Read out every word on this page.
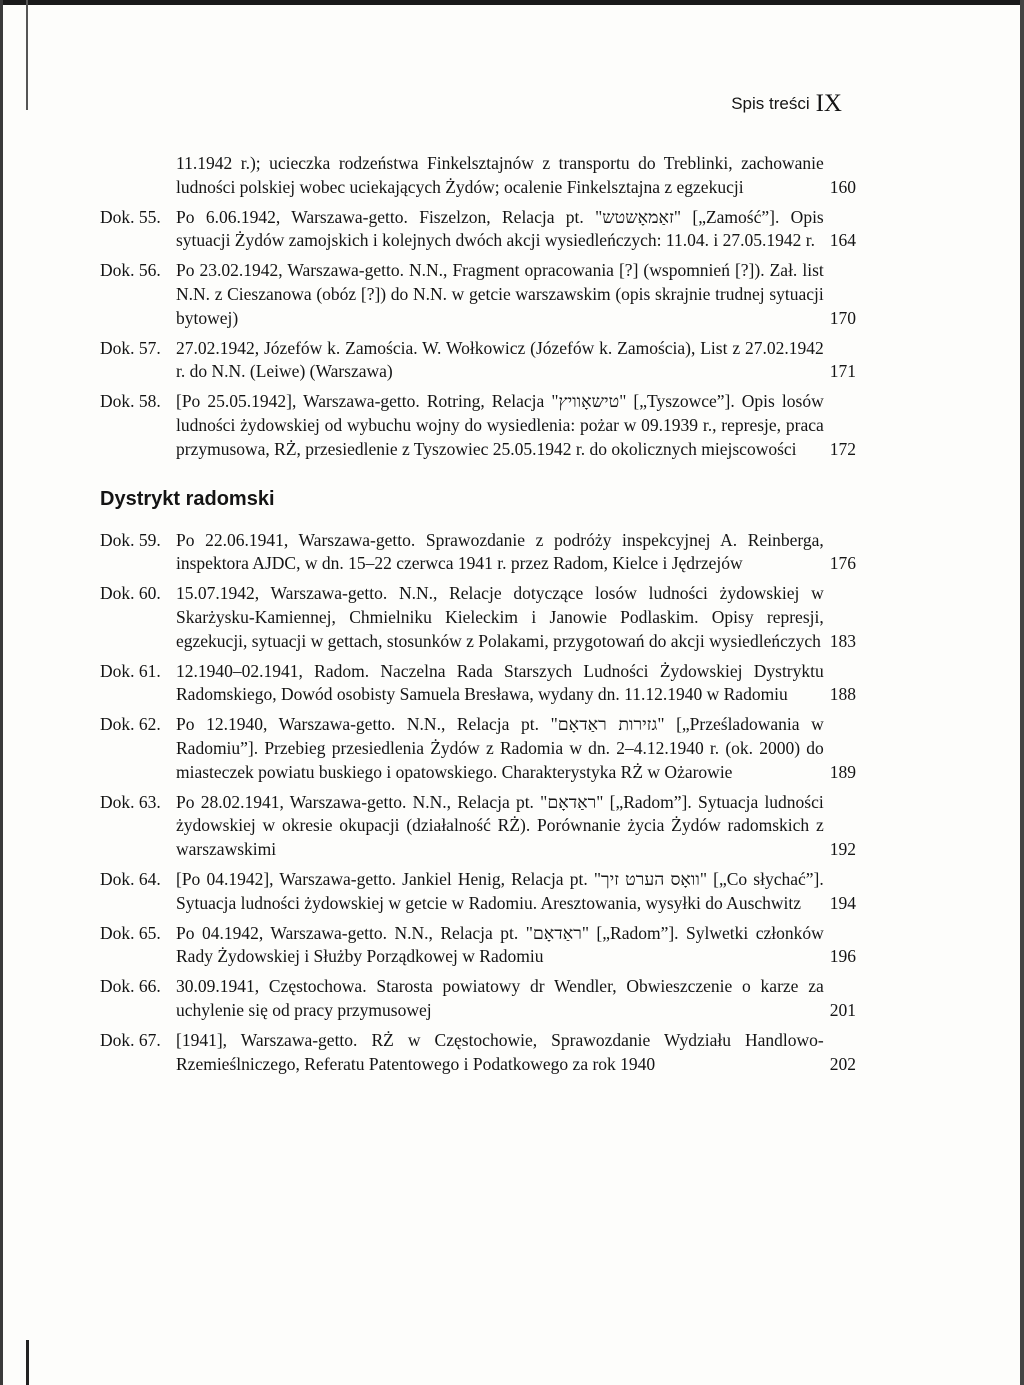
Spis treści IX
11.1942 r.); ucieczka rodzeństwa Finkelsztajnów z transportu do Treblinki, zachowanie ludności polskiej wobec uciekających Żydów; ocalenie Finkelsztajna z egzekucji	160
Dok. 55. Po 6.06.1942, Warszawa-getto. Fiszelzon, Relacja pt. "זאַמאָשטש" [„Zamość”]. Opis sytuacji Żydów zamojskich i kolejnych dwóch akcji wysiedleńczych: 11.04. i 27.05.1942 r. 164
Dok. 56. Po 23.02.1942, Warszawa-getto. N.N., Fragment opracowania [?] (wspomnień [?]). Zał. list N.N. z Cieszanowa (obóz [?]) do N.N. w getcie warszawskim (opis skrajnie trudnej sytuacji bytowej)	170
Dok. 57. 27.02.1942, Józefów k. Zamościa. W. Wołkowicz (Józefów k. Zamościa), List z 27.02.1942 r. do N.N. (Leiwe) (Warszawa)	171
Dok. 58. [Po 25.05.1942], Warszawa-getto. Rotring, Relacja "טישאָוויץ" [„Tyszowce”]. Opis losów ludności żydowskiej od wybuchu wojny do wysiedlenia: pożar w 09.1939 r., represje, praca przymusowa, RŻ, przesiedlenie z Tyszowiec 25.05.1942 r. do okolicznych miejscowości	172
Dystrykt radomski
Dok. 59. Po 22.06.1941, Warszawa-getto. Sprawozdanie z podróży inspekcyjnej A. Reinberga, inspektora AJDC, w dn. 15–22 czerwca 1941 r. przez Radom, Kielce i Jędrzejów	176
Dok. 60. 15.07.1942, Warszawa-getto. N.N., Relacje dotyczące losów ludności żydowskiej w Skarżysku-Kamiennej, Chmielniku Kieleckim i Janowie Podlaskim. Opisy represji, egzekucji, sytuacji w gettach, stosunków z Polakami, przygotowań do akcji wysiedleńczych 183
Dok. 61. 12.1940–02.1941, Radom. Naczelna Rada Starszych Ludności Żydowskiej Dystryktu Radomskiego, Dowód osobisty Samuela Bresława, wydany dn. 11.12.1940 w Radomiu	188
Dok. 62. Po 12.1940, Warszawa-getto. N.N., Relacja pt. "גזירות ראַדאָם" [„Prześladowania w Radomiu”]. Przebieg przesiedlenia Żydów z Radomia w dn. 2–4.12.1940 r. (ok. 2000) do miasteczek powiatu buskiego i opatowskiego. Charakterystyka RŻ w Ożarowie	189
Dok. 63. Po 28.02.1941, Warszawa-getto. N.N., Relacja pt. "ראַדאָם" [„Radom”]. Sytuacja ludności żydowskiej w okresie okupacji (działalność RŻ). Porównanie życia Żydów radomskich z warszawskimi	192
Dok. 64. [Po 04.1942], Warszawa-getto. Jankiel Henig, Relacja pt. "וואָס הערט זיך" [„Co słychać”]. Sytuacja ludności żydowskiej w getcie w Radomiu. Aresztowania, wysyłki do Auschwitz	194
Dok. 65. Po 04.1942, Warszawa-getto. N.N., Relacja pt. "ראַדאָם" [„Radom”]. Sylwetki członków Rady Żydowskiej i Służby Porządkowej w Radomiu	196
Dok. 66. 30.09.1941, Częstochowa. Starosta powiatowy dr Wendler, Obwieszczenie o karze za uchylenie się od pracy przymusowej	201
Dok. 67. [1941], Warszawa-getto. RŻ w Częstochowie, Sprawozdanie Wydziału Handlowo-Rzemieślniczego, Referatu Patentowego i Podatkowego za rok 1940	202
